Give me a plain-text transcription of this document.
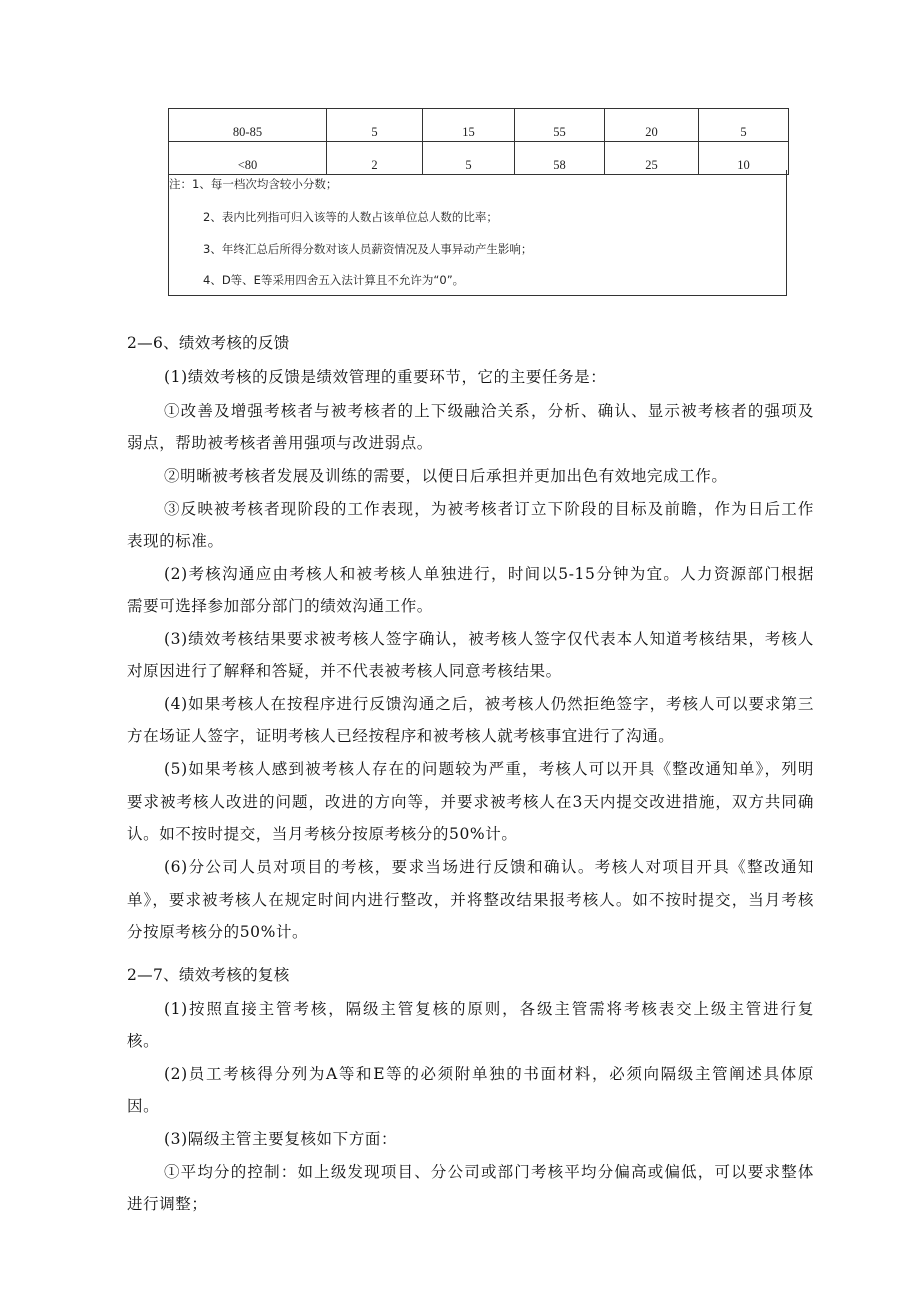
80-85	5	15	55	20	5
<80	2	5	58	25	10
注：1、每一档次均含较小分数；
2、表内比列指可归入该等的人数占该单位总人数的比率；
3、年终汇总后所得分数对该人员薪资情况及人事异动产生影响；
4、D等、E等采用四舍五入法计算且不允许为“0”。
2—6、绩效考核的反馈
(1)绩效考核的反馈是绩效管理的重要环节，它的主要任务是：
①改善及增强考核者与被考核者的上下级融洽关系，分析、确认、显示被考核者的强项及
弱点，帮助被考核者善用强项与改进弱点。
②明晰被考核者发展及训练的需要，以便日后承担并更加出色有效地完成工作。
③反映被考核者现阶段的工作表现，为被考核者订立下阶段的目标及前瞻，作为日后工作
表现的标准。
(2)考核沟通应由考核人和被考核人单独进行，时间以5-15分钟为宜。人力资源部门根据
需要可选择参加部分部门的绩效沟通工作。
(3)绩效考核结果要求被考核人签字确认，被考核人签字仅代表本人知道考核结果，考核人
对原因进行了解释和答疑，并不代表被考核人同意考核结果。
(4)如果考核人在按程序进行反馈沟通之后，被考核人仍然拒绝签字，考核人可以要求第三
方在场证人签字，证明考核人已经按程序和被考核人就考核事宜进行了沟通。
(5)如果考核人感到被考核人存在的问题较为严重，考核人可以开具《整改通知单》，列明
要求被考核人改进的问题，改进的方向等，并要求被考核人在3天内提交改进措施，双方共同确
认。如不按时提交，当月考核分按原考核分的50%计。
(6)分公司人员对项目的考核，要求当场进行反馈和确认。考核人对项目开具《整改通知
单》，要求被考核人在规定时间内进行整改，并将整改结果报考核人。如不按时提交，当月考核
分按原考核分的50%计。
2—7、绩效考核的复核
(1)按照直接主管考核，隔级主管复核的原则，各级主管需将考核表交上级主管进行复
核。
(2)员工考核得分列为A等和E等的必须附单独的书面材料，必须向隔级主管阐述具体原
因。
(3)隔级主管主要复核如下方面：
①平均分的控制：如上级发现项目、分公司或部门考核平均分偏高或偏低，可以要求整体
进行调整；
